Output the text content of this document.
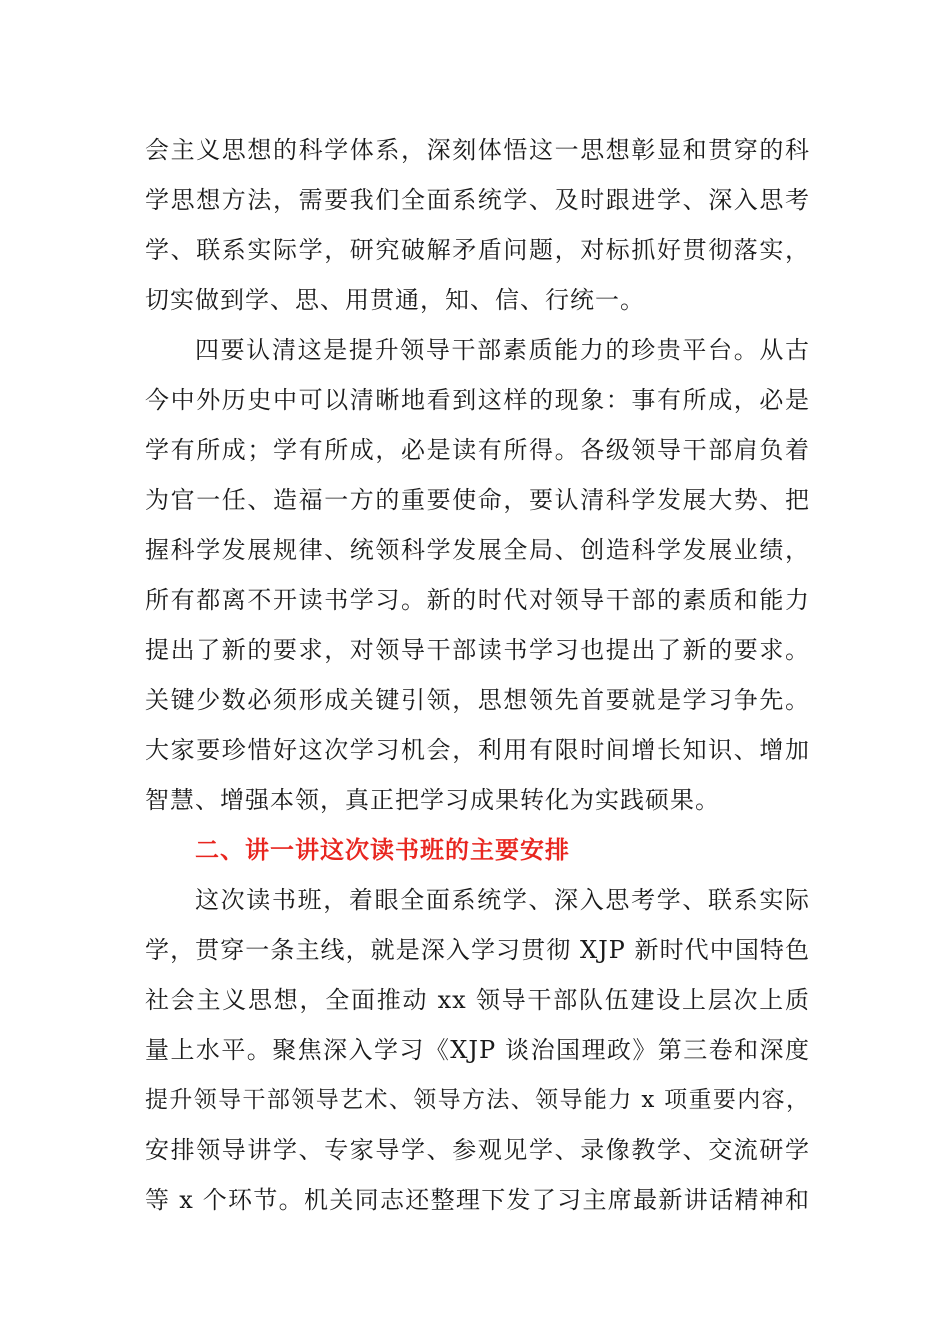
会主义思想的科学体系，深刻体悟这一思想彰显和贯穿的科
学思想方法，需要我们全面系统学、及时跟进学、深入思考
学、联系实际学，研究破解矛盾问题，对标抓好贯彻落实，
切实做到学、思、用贯通，知、信、行统一。
四要认清这是提升领导干部素质能力的珍贵平台。从古
今中外历史中可以清晰地看到这样的现象：事有所成，必是
学有所成；学有所成，必是读有所得。各级领导干部肩负着
为官一任、造福一方的重要使命，要认清科学发展大势、把
握科学发展规律、统领科学发展全局、创造科学发展业绩，
所有都离不开读书学习。新的时代对领导干部的素质和能力
提出了新的要求，对领导干部读书学习也提出了新的要求。
关键少数必须形成关键引领，思想领先首要就是学习争先。
大家要珍惜好这次学习机会，利用有限时间增长知识、增加
智慧、增强本领，真正把学习成果转化为实践硕果。
二、讲一讲这次读书班的主要安排
这次读书班，着眼全面系统学、深入思考学、联系实际
学，贯穿一条主线，就是深入学习贯彻 XJP 新时代中国特色
社会主义思想，全面推动 xx 领导干部队伍建设上层次上质
量上水平。聚焦深入学习《XJP 谈治国理政》第三卷和深度
提升领导干部领导艺术、领导方法、领导能力 x 项重要内容，
安排领导讲学、专家导学、参观见学、录像教学、交流研学
等 x 个环节。机关同志还整理下发了习主席最新讲话精神和
